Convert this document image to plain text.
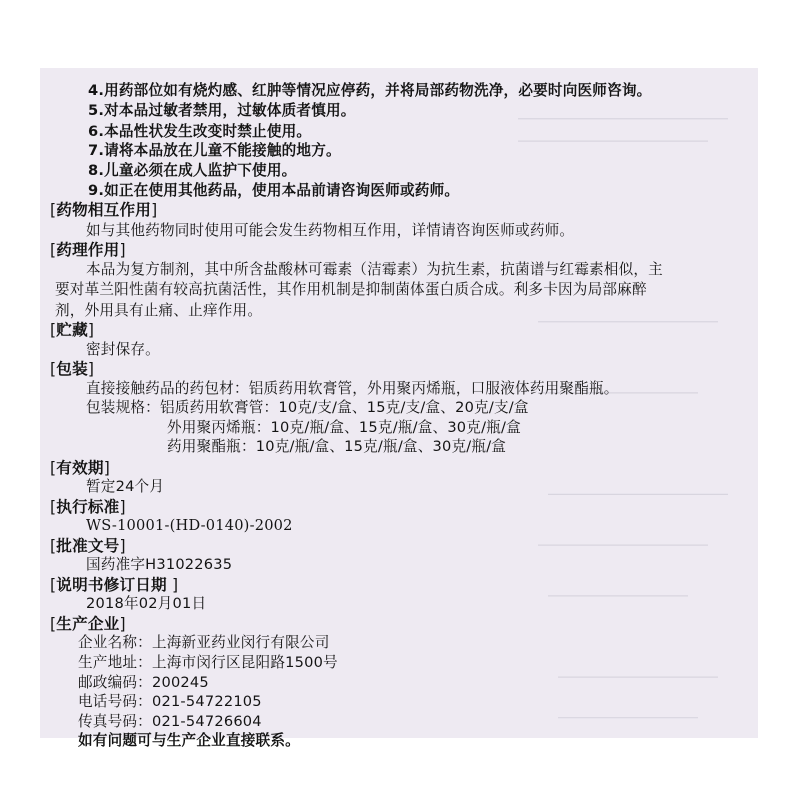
4.用药部位如有烧灼感、红肿等情况应停药，并将局部药物洗净，必要时向医师咨询。
5.对本品过敏者禁用，过敏体质者慎用。
6.本品性状发生改变时禁止使用。
7.请将本品放在儿童不能接触的地方。
8.儿童必须在成人监护下使用。
9.如正在使用其他药品，使用本品前请咨询医师或药师。
[药物相互作用]
如与其他药物同时使用可能会发生药物相互作用，详情请咨询医师或药师。
[药理作用]
本品为复方制剂，其中所含盐酸林可霉素（洁霉素）为抗生素，抗菌谱与红霉素相似，主
要对革兰阳性菌有较高抗菌活性，其作用机制是抑制菌体蛋白质合成。利多卡因为局部麻醉
剂，外用具有止痛、止痒作用。
[贮藏]
密封保存。
[包装]
直接接触药品的药包材：铝质药用软膏管，外用聚丙烯瓶，口服液体药用聚酯瓶。
包装规格：铝质药用软膏管：10克/支/盒、15克/支/盒、20克/支/盒
外用聚丙烯瓶：10克/瓶/盒、15克/瓶/盒、30克/瓶/盒
药用聚酯瓶：10克/瓶/盒、15克/瓶/盒、30克/瓶/盒
[有效期]
暂定24个月
[执行标准]
WS-10001-(HD-0140)-2002
[批准文号]
国药准字H31022635
[说明书修订日期 ]
2018年02月01日
[生产企业]
企业名称：上海新亚药业闵行有限公司
生产地址：上海市闵行区昆阳路1500号
邮政编码：200245
电话号码：021-54722105
传真号码：021-54726604
如有问题可与生产企业直接联系。
